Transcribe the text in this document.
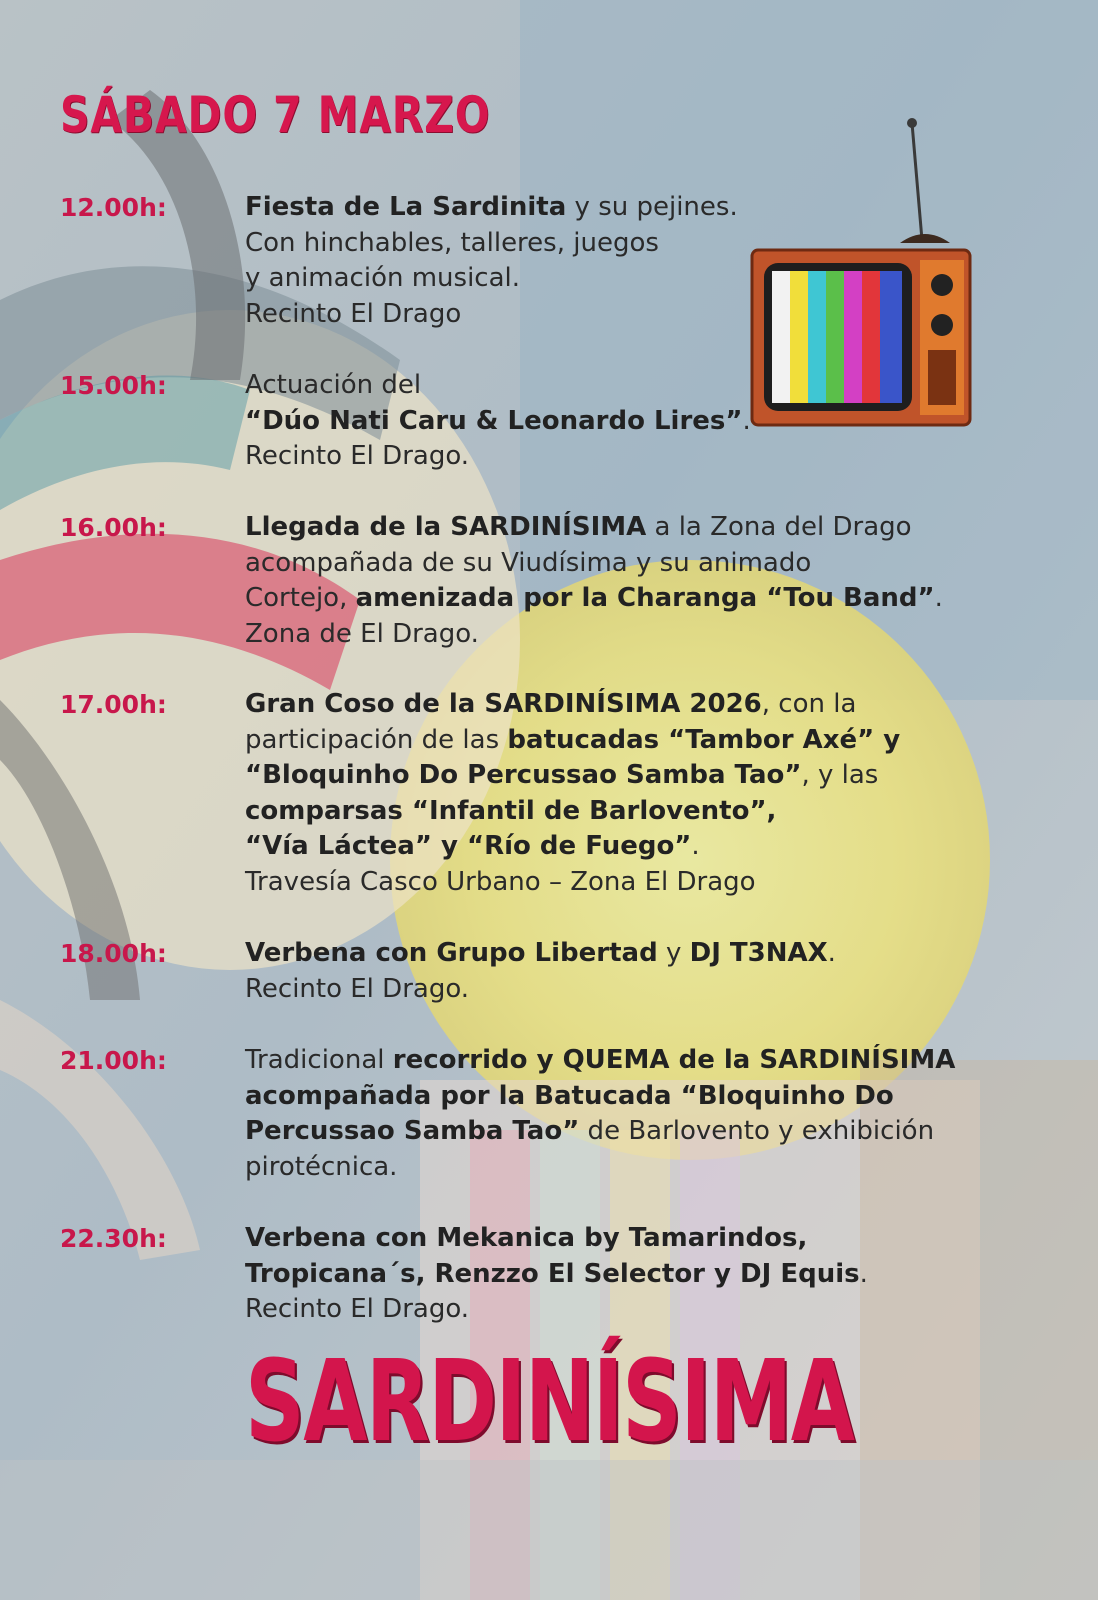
SÁBADO 7 MARZO
12.00h:	Fiesta de La Sardinita y su pejines.
Con hinchables, talleres, juegos
y animación musical.
Recinto El Drago
15.00h:	Actuación del
“Dúo Nati Caru & Leonardo Lires”.
Recinto El Drago.
16.00h:	Llegada de la SARDINÍSIMA a la Zona del Drago
acompañada de su Viudísima y su animado
Cortejo, amenizada por la Charanga “Tou Band”.
Zona de El Drago.
17.00h:	Gran Coso de la SARDINÍSIMA 2026, con la
participación de las batucadas “Tambor Axé” y
“Bloquinho Do Percussao Samba Tao”, y las
comparsas “Infantil de Barlovento”,
“Vía Láctea” y “Río de Fuego”.
Travesía Casco Urbano – Zona El Drago
18.00h:	Verbena con Grupo Libertad y DJ T3NAX.
Recinto El Drago.
21.00h:	Tradicional recorrido y QUEMA de la SARDINÍSIMA
acompañada por la Batucada “Bloquinho Do
Percussao Samba Tao” de Barlovento y exhibición
pirotécnica.
22.30h:	Verbena con Mekanica by Tamarindos,
Tropicana´s, Renzzo El Selector y DJ Equis.
Recinto El Drago.
SARDINÍSIMA
